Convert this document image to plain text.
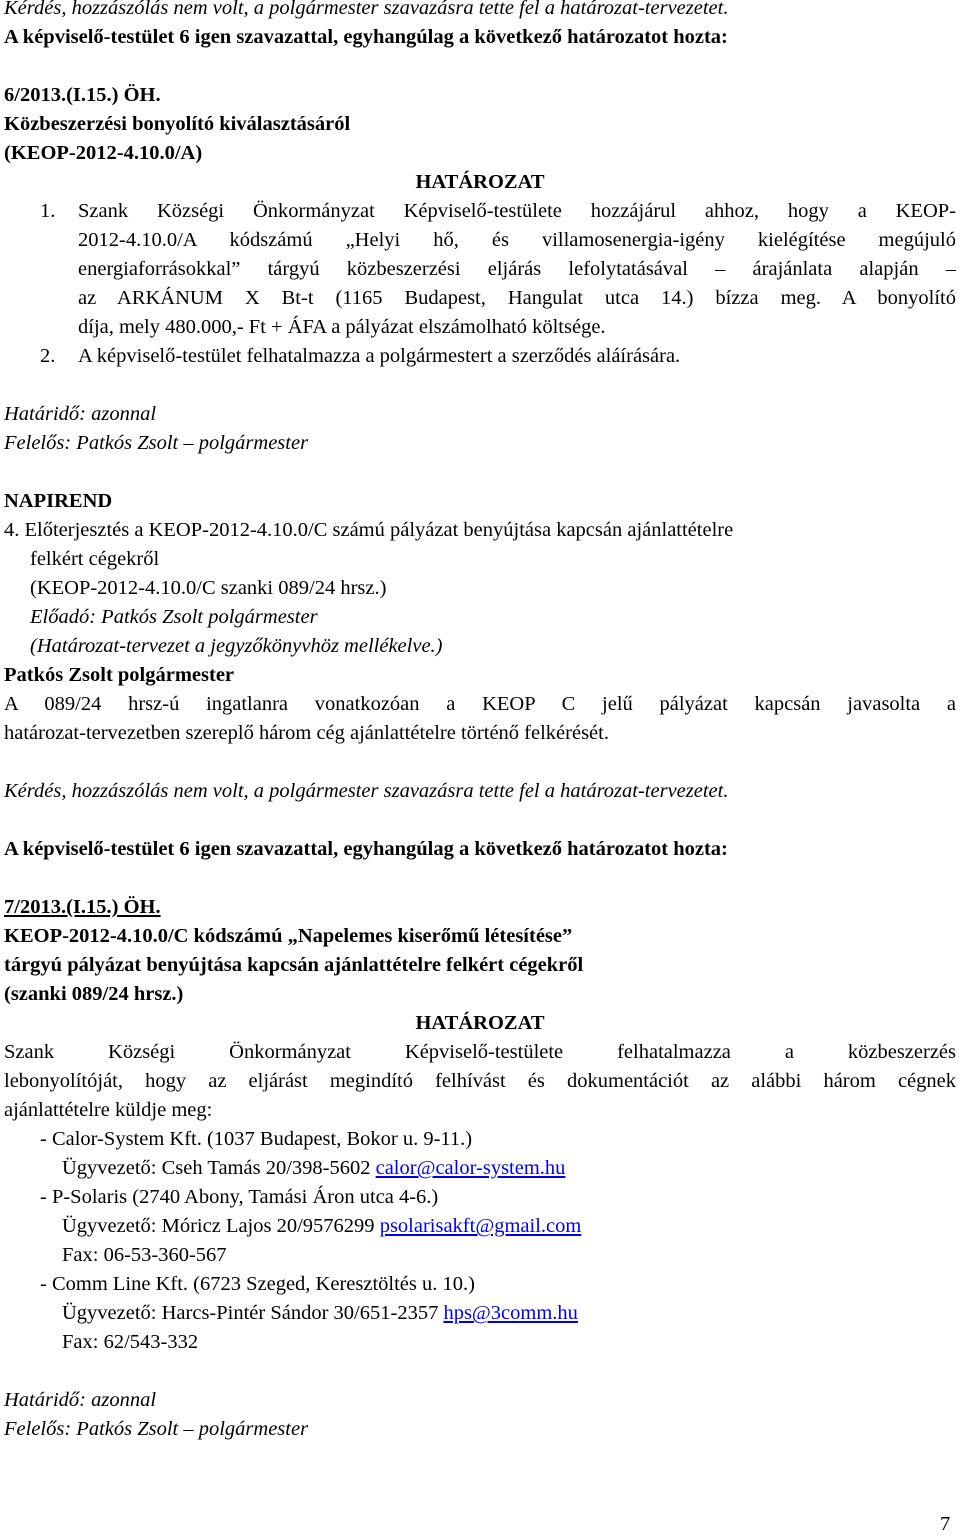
Kérdés, hozzászólás nem volt, a polgármester szavazásra tette fel a határozat-tervezetet.
A képviselő-testület 6 igen szavazattal, egyhangúlag a következő határozatot hozta:
6/2013.(I.15.) ÖH.
Közbeszerzési bonyolító kiválasztásáról
(KEOP-2012-4.10.0/A)
HATÁROZAT
1. Szank Községi Önkormányzat Képviselő-testülete hozzájárul ahhoz, hogy a KEOP-
2012-4.10.0/A kódszámú „Helyi hő, és villamosenergia-igény kielégítése megújuló
energiaforrásokkal” tárgyú közbeszerzési eljárás lefolytatásával – árajánlata alapján –
az ARKÁNUM X Bt-t (1165 Budapest, Hangulat utca 14.) bízza meg. A bonyolító
díja, mely 480.000,- Ft + ÁFA a pályázat elszámolható költsége.
2. A képviselő-testület felhatalmazza a polgármestert a szerződés aláírására.
Határidő: azonnal
Felelős: Patkós Zsolt – polgármester
NAPIREND
4. Előterjesztés a KEOP-2012-4.10.0/C számú pályázat benyújtása kapcsán ajánlattételre
felkért cégekről
(KEOP-2012-4.10.0/C szanki 089/24 hrsz.)
Előadó: Patkós Zsolt polgármester
(Határozat-tervezet a jegyzőkönyvhöz mellékelve.)
Patkós Zsolt polgármester
A 089/24 hrsz-ú ingatlanra vonatkozóan a KEOP C jelű pályázat kapcsán javasolta a
határozat-tervezetben szereplő három cég ajánlattételre történő felkérését.
Kérdés, hozzászólás nem volt, a polgármester szavazásra tette fel a határozat-tervezetet.
A képviselő-testület 6 igen szavazattal, egyhangúlag a következő határozatot hozta:
7/2013.(I.15.) ÖH.
KEOP-2012-4.10.0/C kódszámú „Napelemes kiserőmű létesítése”
tárgyú pályázat benyújtása kapcsán ajánlattételre felkért cégekről
(szanki 089/24 hrsz.)
HATÁROZAT
Szank Községi Önkormányzat Képviselő-testülete felhatalmazza a közbeszerzés
lebonyolítóját, hogy az eljárást megindító felhívást és dokumentációt az alábbi három cégnek
ajánlattételre küldje meg:
- Calor-System Kft. (1037 Budapest, Bokor u. 9-11.)
Ügyvezető: Cseh Tamás 20/398-5602 calor@calor-system.hu
- P-Solaris (2740 Abony, Tamási Áron utca 4-6.)
Ügyvezető: Móricz Lajos 20/9576299 psolarisakft@gmail.com
Fax: 06-53-360-567
- Comm Line Kft. (6723 Szeged, Keresztöltés u. 10.)
Ügyvezető: Harcs-Pintér Sándor 30/651-2357 hps@3comm.hu
Fax: 62/543-332
Határidő: azonnal
Felelős: Patkós Zsolt – polgármester
7
